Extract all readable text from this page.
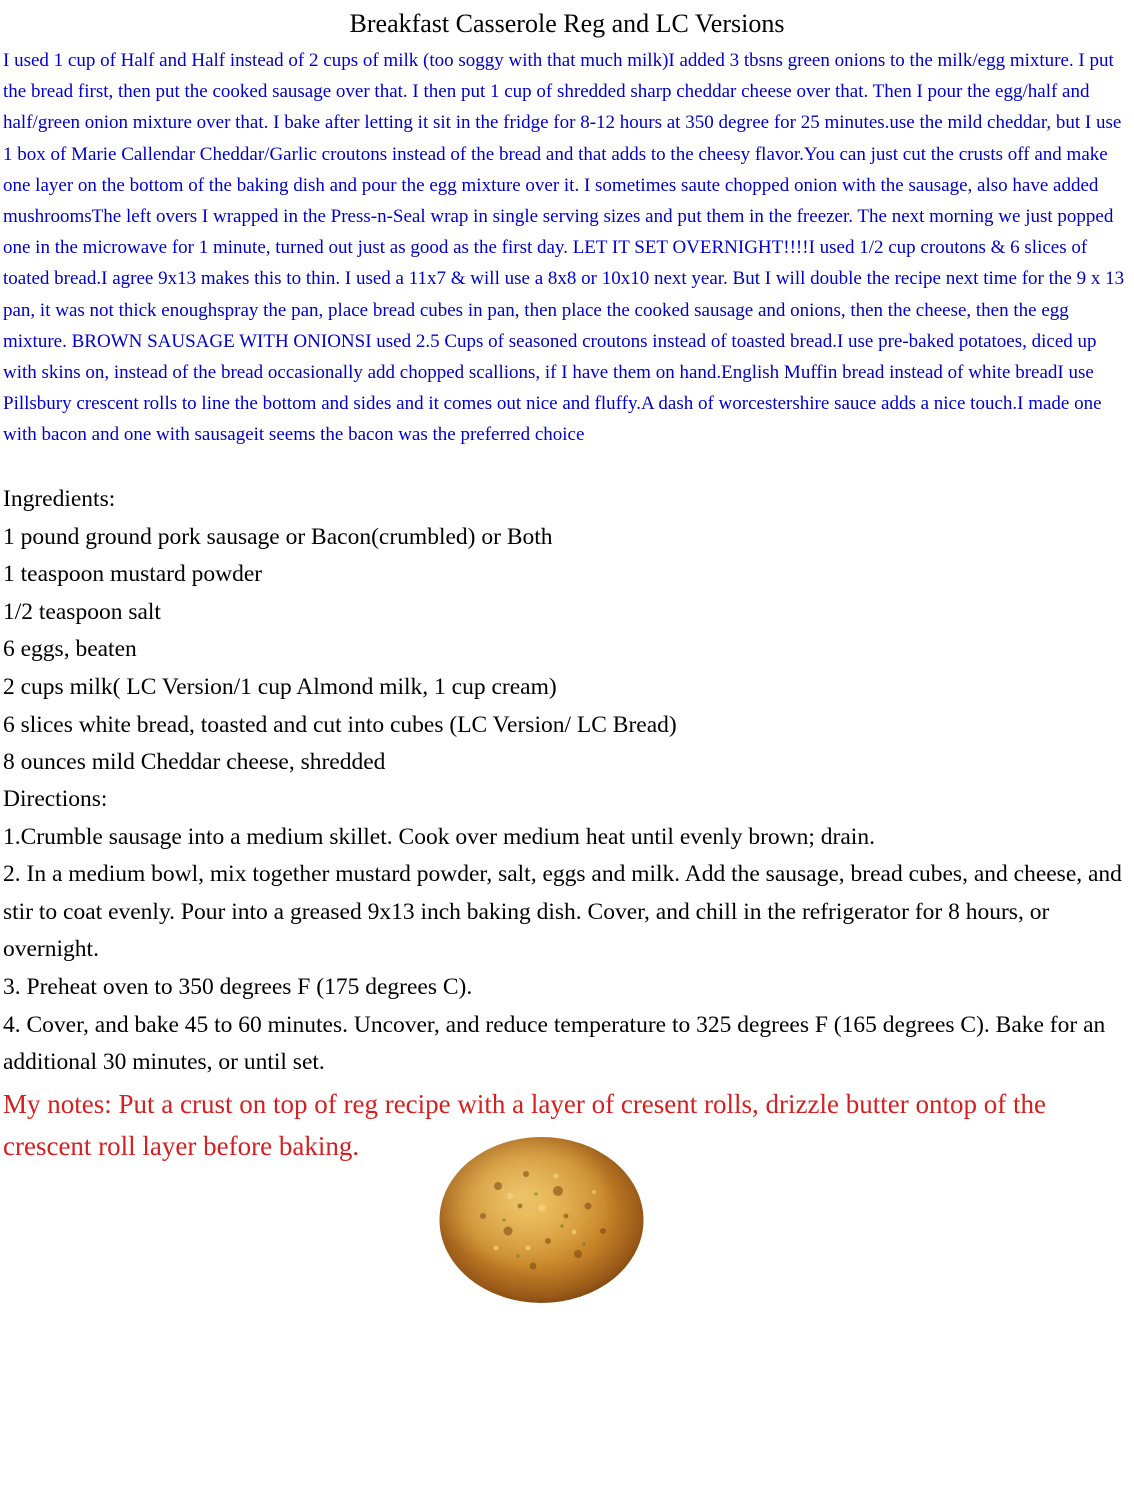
Breakfast Casserole Reg and LC Versions

I used 1 cup of Half and Half instead of 2 cups of milk (too soggy with that much milk)I added 3 tbsns green onions to the milk/egg mixture. I put the bread first, then put the cooked sausage over that. I then put 1 cup of shredded sharp cheddar cheese over that. Then I pour the egg/half and half/green onion mixture over that. I bake after letting it sit in the fridge for 8-12 hours at 350 degree for 25 minutes.use the mild cheddar, but I use 1 box of Marie Callendar Cheddar/Garlic croutons instead of the bread and that adds to the cheesy flavor.You can just cut the crusts off and make one layer on the bottom of the baking dish and pour the egg mixture over it. I sometimes saute chopped onion with the sausage, also have added mushroomsThe left overs I wrapped in the Press-n-Seal wrap in single serving sizes and put them in the freezer. The next morning we just popped one in the microwave for 1 minute, turned out just as good as the first day. LET IT SET OVERNIGHT!!!!I used 1/2 cup croutons & 6 slices of toated bread.I agree 9x13 makes this to thin. I used a 11x7 & will use a 8x8 or 10x10 next year. But I will double the recipe next time for the 9 x 13 pan, it was not thick enoughspray the pan, place bread cubes in pan, then place the cooked sausage and onions, then the cheese, then the egg mixture. BROWN SAUSAGE WITH ONIONSI used 2.5 Cups of seasoned croutons instead of toasted bread.I use pre-baked potatoes, diced up with skins on, instead of the bread occasionally add chopped scallions, if I have them on hand.English Muffin bread instead of white breadI use Pillsbury crescent rolls to line the bottom and sides and it comes out nice and fluffy.A dash of worcestershire sauce adds a nice touch.I made one with bacon and one with sausageit seems the bacon was the preferred choice

Ingredients:
1 pound ground pork sausage or Bacon(crumbled) or Both
1 teaspoon mustard powder
1/2 teaspoon salt
6 eggs, beaten
2 cups milk( LC Version/1 cup Almond milk, 1 cup cream)
6 slices white bread, toasted and cut into cubes (LC Version/ LC Bread)
8 ounces mild Cheddar cheese, shredded
Directions:
1.Crumble sausage into a medium skillet. Cook over medium heat until evenly brown; drain.
2. In a medium bowl, mix together mustard powder, salt, eggs and milk. Add the sausage, bread cubes, and cheese, and stir to coat evenly. Pour into a greased 9x13 inch baking dish. Cover, and chill in the refrigerator for 8 hours, or overnight.
3. Preheat oven to 350 degrees F (175 degrees C).
4. Cover, and bake 45 to 60 minutes. Uncover, and reduce temperature to 325 degrees F (165 degrees C). Bake for an additional 30 minutes, or until set.

My notes: Put a crust on top of reg recipe with a layer of cresent rolls, drizzle butter ontop of the crescent roll layer before baking.
